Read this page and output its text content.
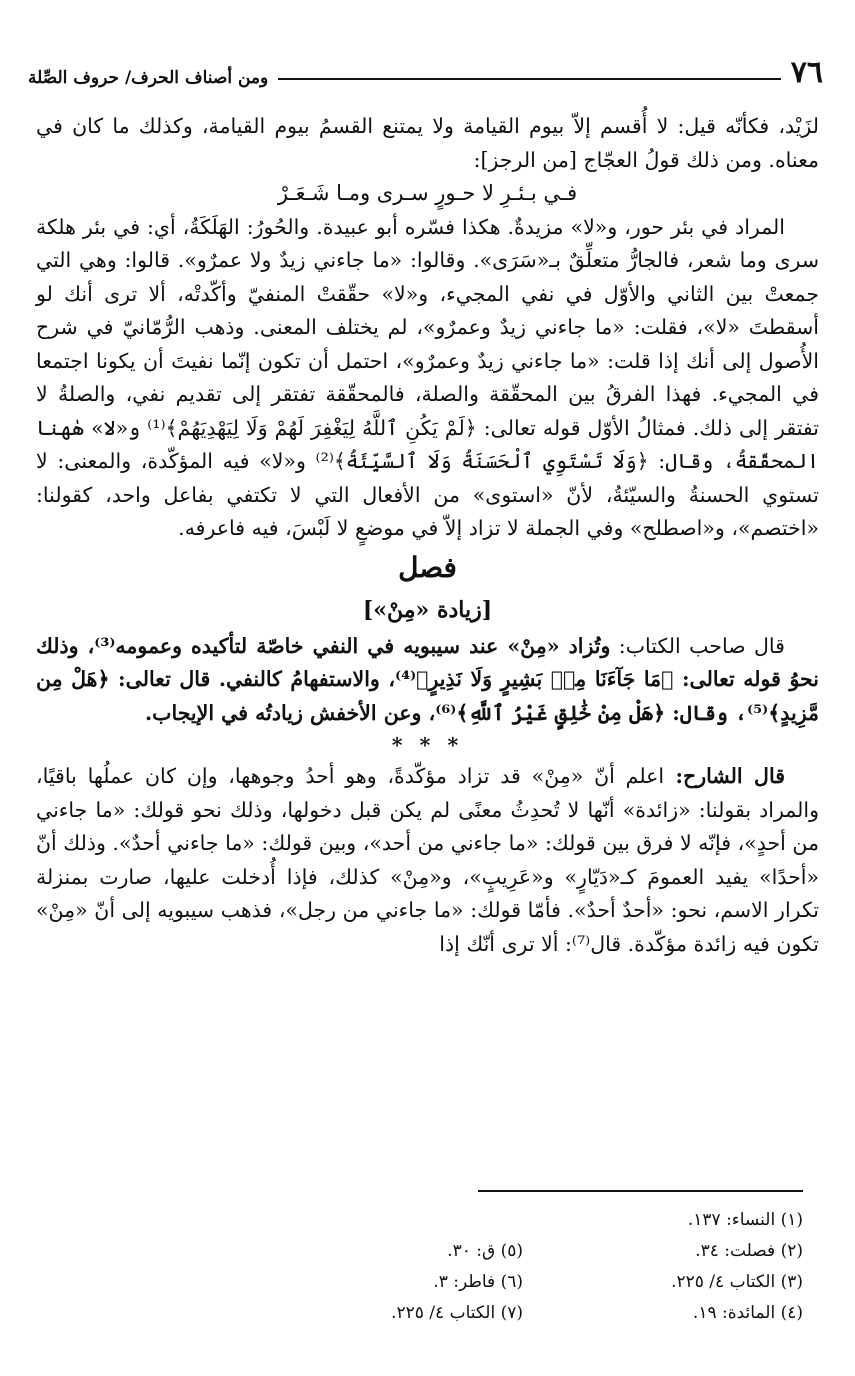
٧٦
ومن أصناف الحرف/ حروف الصِّلة

لزَيْد، فكأنّه قيل: لا أُقسم إلاّ بيوم القيامة ولا يمتنع القسمُ بيوم القيامة، وكذلك ما كان في معناه. ومن ذلك قولُ العجّاج [من الرجز]:

فـي بـئـرِ لا حـورٍ سـرى ومـا شَـعَـرْ

المراد في بئر حور، و«لا» مزيدةٌ. هكذا فسّره أبو عبيدة. والحُورُ: الهَلَكَةُ، أي: في بئر هلكة سرى وما شعر، فالجارُّ متعلِّقٌ بـ«سَرَى». وقالوا: «ما جاءني زيدٌ ولا عمرٌو». قالوا: وهي التي جمعتْ بين الثاني والأوّل في نفي المجيء، و«لا» حقّقتْ المنفيّ وأكّدتْه، ألا ترى أنك لو أسقطتَ «لا»، فقلت: «ما جاءني زيدٌ وعمرٌو»، لم يختلف المعنى. وذهب الرُّمّانيّ في شرح الأُصول إلى أنك إذا قلت: «ما جاءني زيدٌ وعمرٌو»، احتمل أن تكون إنّما نفيتَ أن يكونا اجتمعا في المجيء. فهذا الفرقُ بين المحقّقة والصلة، فالمحقّقة تفتقر إلى تقديم نفي، والصلةُ لا تفتقر إلى ذلك. فمثالُ الأوّل قوله تعالى: ﴿لَمْ يَكُنِ ٱللَّهُ لِيَغْفِرَ لَهُمْ وَلَا لِيَهْدِيَهُمْ﴾⁽¹⁾ و«لا» هٰهنا المحقّقةُ، وقال: ﴿وَلَا تَسْتَوِي ٱلْحَسَنَةُ وَلَا ٱلسَّيِّئَةُ﴾⁽²⁾ و«لا» فيه المؤكّدة، والمعنى: لا تستوي الحسنةُ والسيّئةُ، لأنّ «استوى» من الأفعال التي لا تكتفي بفاعل واحد، كقولنا: «اختصم»، و«اصطلح» وفي الجملة لا تزاد إلاّ في موضعٍ لا لَبْسَ، فيه فاعرفه.

فصل

[زيادة «مِنْ»]

قال صاحب الكتاب: وتُزاد «مِنْ» عند سيبويه في النفي خاصّة لتأكيده وعمومه⁽³⁾، وذلك نحوُ قوله تعالى: ﴿مَا جَآءَنَا مِنۢ بَشِيرٍ وَلَا نَذِيرٍ﴾⁽⁴⁾، والاستفهامُ كالنفي. قال تعالى: ﴿هَلْ مِن مَّزِيدٍ﴾⁽⁵⁾، وقال: ﴿هَلْ مِنْ خَٰلِقٍ غَيْرُ ٱللَّهِ﴾⁽⁶⁾، وعن الأخفش زيادتُه في الإيجاب.

* * *

قال الشارح: اعلم أنّ «مِنْ» قد تزاد مؤكّدةً، وهو أحدُ وجوهها، وإن كان عملُها باقيًا، والمراد بقولنا: «زائدة» أنّها لا تُحدِثُ معنًى لم يكن قبل دخولها، وذلك نحو قولك: «ما جاءني من أحدٍ»، فإنّه لا فرق بين قولك: «ما جاءني من أحد»، وبين قولك: «ما جاءني أحدٌ». وذلك أنّ «أحدًا» يفيد العمومَ كـ«دَيّارٍ» و«عَرِيبٍ»، و«مِنْ» كذلك، فإذا أُدخلت عليها، صارت بمنزلة تكرار الاسم، نحو: «أحدٌ أحدٌ». فأمّا قولك: «ما جاءني من رجل»، فذهب سيبويه إلى أنّ «مِنْ» تكون فيه زائدة مؤكّدة. قال⁽⁷⁾: ألا ترى أنّك إذا

(١) النساء: ١٣٧.
(٢) فصلت: ٣٤.
(٣) الكتاب ٤/ ٢٢٥.
(٤) المائدة: ١٩.
(٥) ق: ٣٠.
(٦) فاطر: ٣.
(٧) الكتاب ٤/ ٢٢٥.
